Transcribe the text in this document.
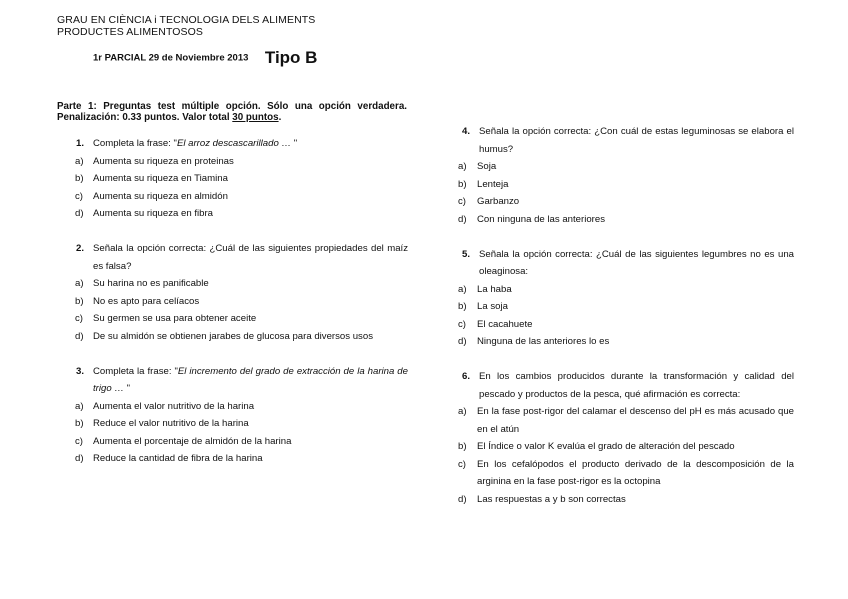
GRAU EN CIÈNCIA i TECNOLOGIA DELS ALIMENTS
PRODUCTES ALIMENTOSOS
1r PARCIAL 29 de Noviembre 2013 Tipo B
Parte 1: Preguntas test múltiple opción. Sólo una opción verdadera. Penalización: 0.33 puntos. Valor total 30 puntos.
1. Completa la frase: "El arroz descascarillado … "
a) Aumenta su riqueza en proteinas
b) Aumenta su riqueza en Tiamina
c)	Aumenta su riqueza en almidón
d) Aumenta su riqueza en fibra
2. Señala la opción correcta: ¿Cuál de las siguientes propiedades del maíz es falsa?
a) Su harina no es panificable
b) No es apto para celíacos
c)	Su germen se usa para obtener aceite
d) De su almidón se obtienen jarabes de glucosa para diversos usos
3. Completa la frase: "El incremento del grado de extracción de la harina de trigo … "
a) Aumenta el valor nutritivo de la harina
b) Reduce el valor nutritivo de la harina
c)	Aumenta el porcentaje de almidón de la harina
d) Reduce la cantidad de fibra de la harina
4. Señala la opción correcta: ¿Con cuál de estas leguminosas se elabora el humus?
a)	Soja
b)	Lenteja
c)	Garbanzo
d)	Con ninguna de las anteriores
5. Señala la opción correcta: ¿Cuál de las siguientes legumbres no es una oleaginosa:
a)	La haba
b)	La soja
c)	El cacahuete
d)	Ninguna de las anteriores lo es
6. En los cambios producidos durante la transformación y calidad del pescado y productos de la pesca, qué afirmación es correcta:
a)	En la fase post-rigor del calamar el descenso del pH es más acusado que en el atún
b)	El Índice o valor K evalúa el grado de alteración del pescado
c)	En los cefalópodos el producto derivado de la descomposición de la arginina en la fase post-rigor es la octopina
d)	Las respuestas a y b son correctas
